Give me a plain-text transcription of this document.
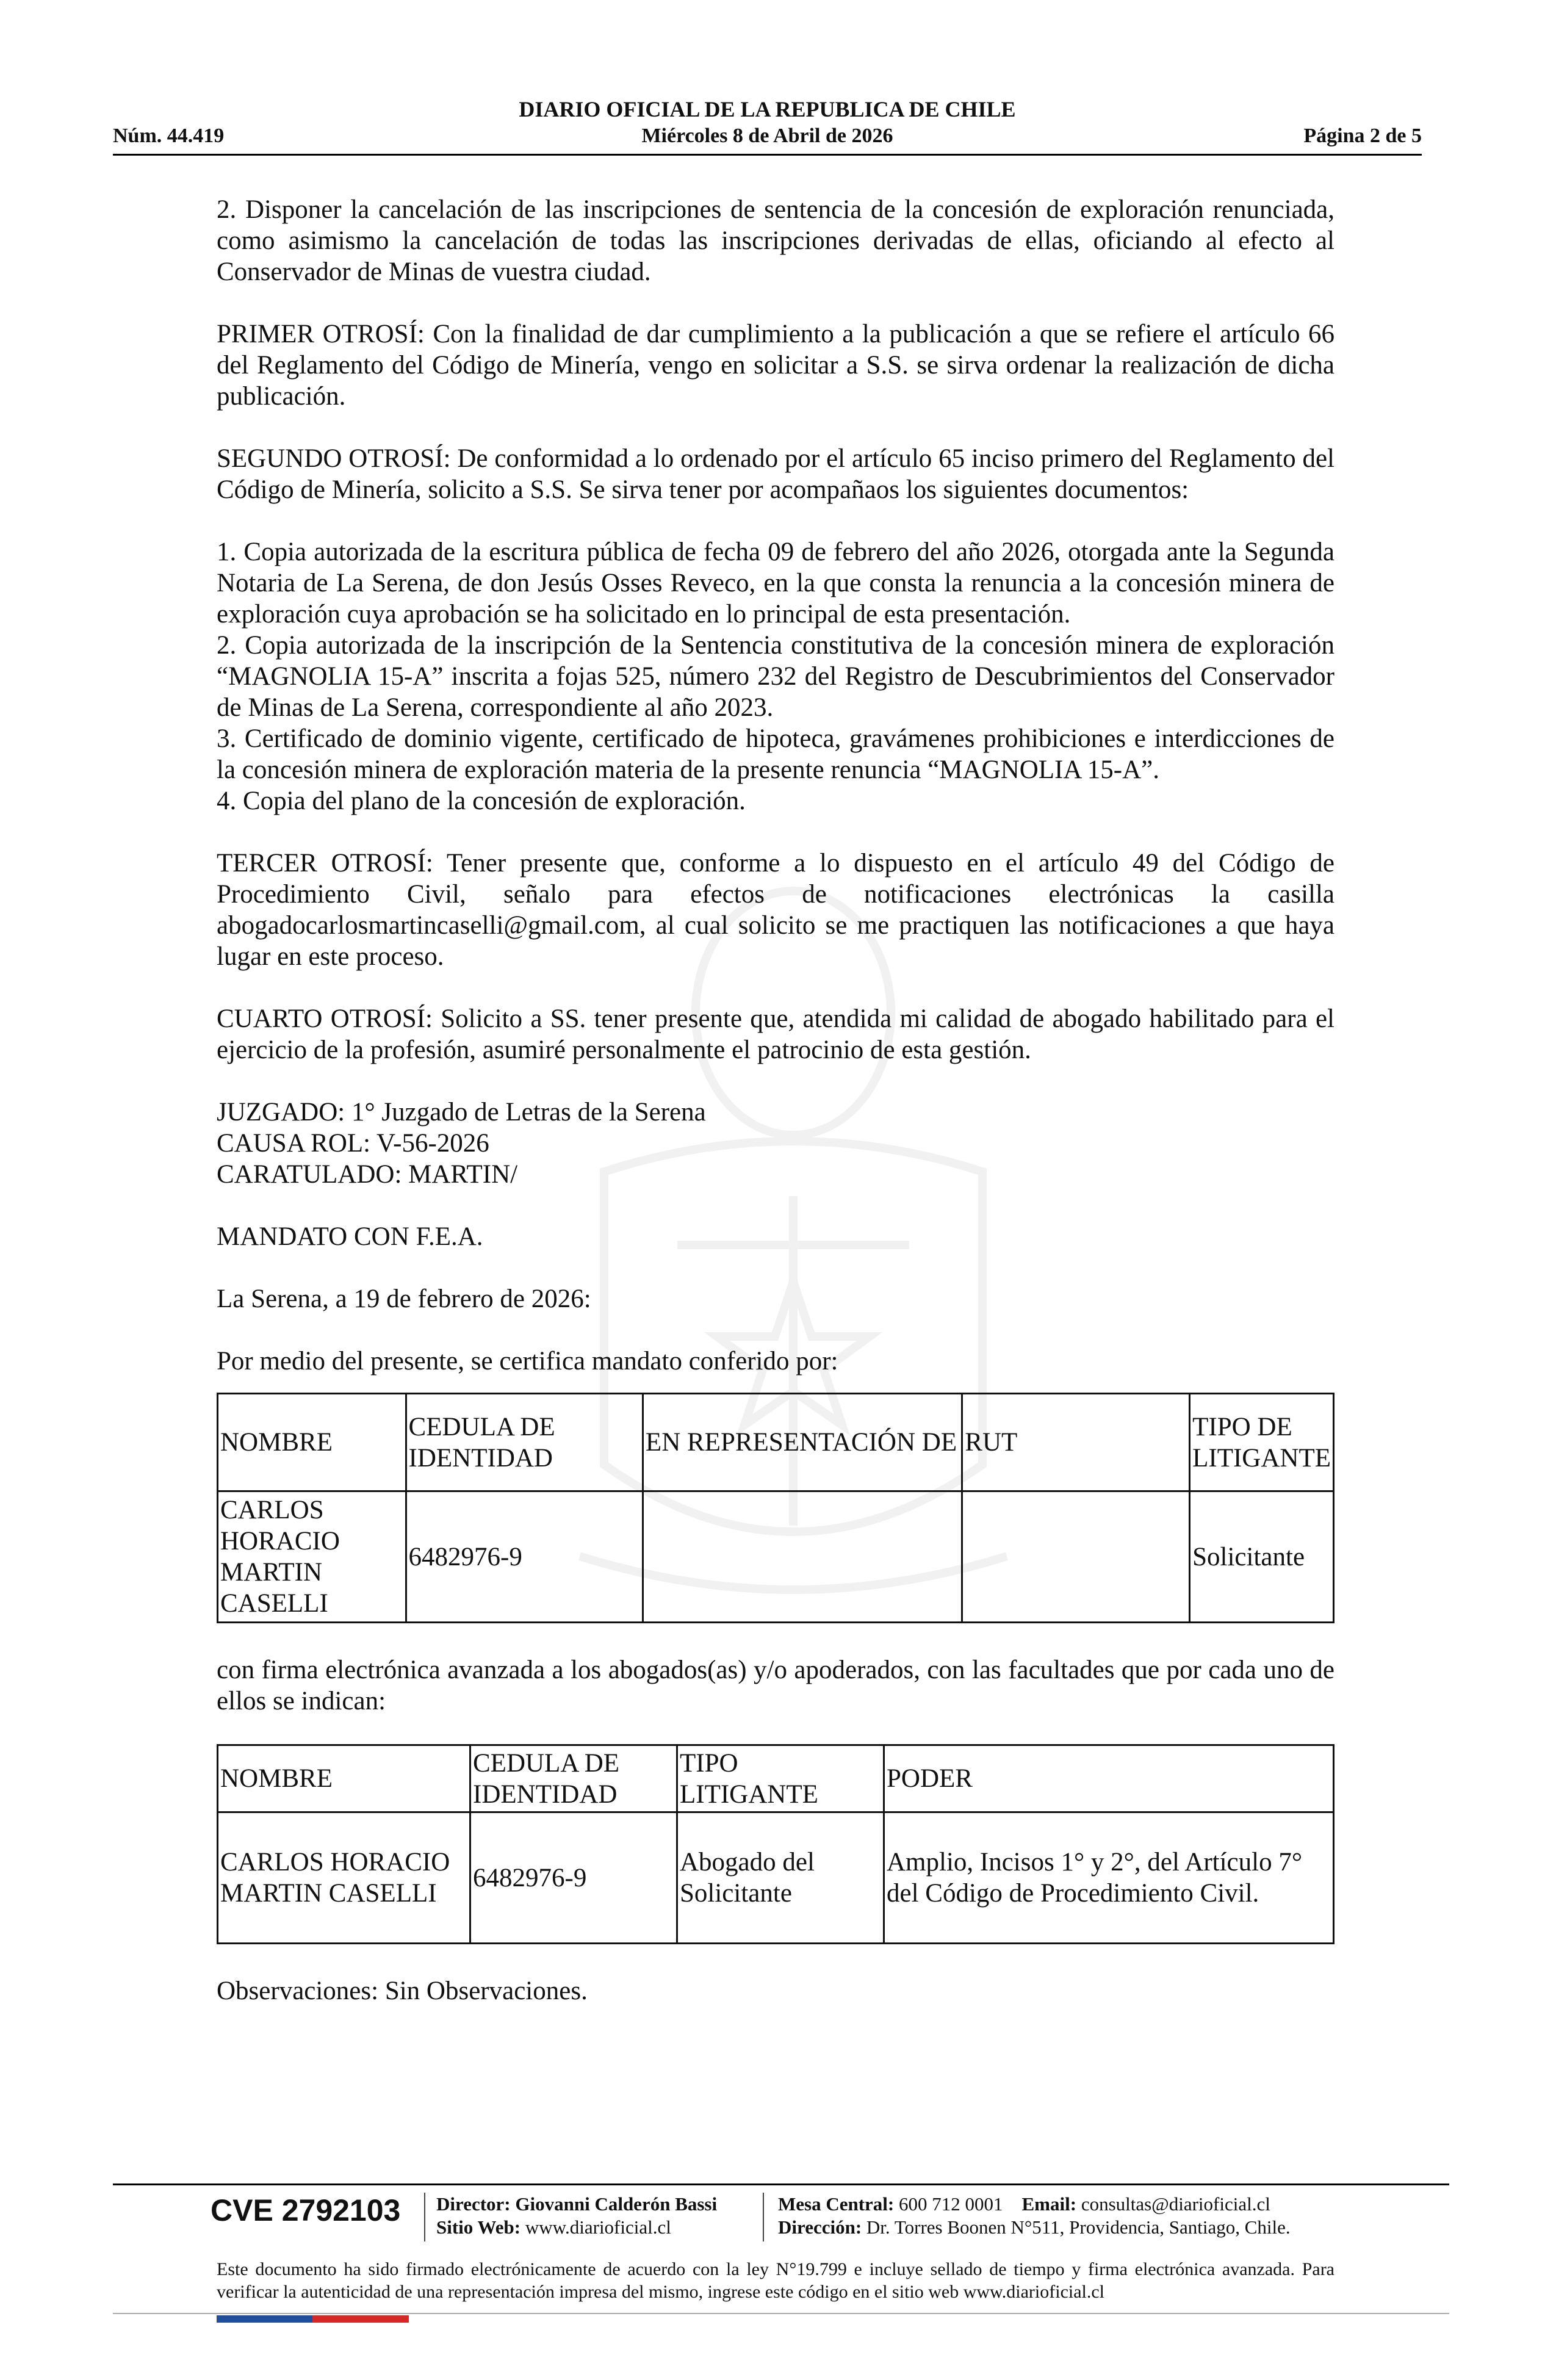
DIARIO OFICIAL DE LA REPUBLICA DE CHILE
Núm. 44.419	Miércoles 8 de Abril de 2026	Página 2 de 5

2. Disponer la cancelación de las inscripciones de sentencia de la concesión de exploración renunciada, como asimismo la cancelación de todas las inscripciones derivadas de ellas, oficiando al efecto al Conservador de Minas de vuestra ciudad.

PRIMER OTROSÍ: Con la finalidad de dar cumplimiento a la publicación a que se refiere el artículo 66 del Reglamento del Código de Minería, vengo en solicitar a S.S. se sirva ordenar la realización de dicha publicación.

SEGUNDO OTROSÍ: De conformidad a lo ordenado por el artículo 65 inciso primero del Reglamento del Código de Minería, solicito a S.S. Se sirva tener por acompañaos los siguientes documentos:

1. Copia autorizada de la escritura pública de fecha 09 de febrero del año 2026, otorgada ante la Segunda Notaria de La Serena, de don Jesús Osses Reveco, en la que consta la renuncia a la concesión minera de exploración cuya aprobación se ha solicitado en lo principal de esta presentación.

2. Copia autorizada de la inscripción de la Sentencia constitutiva de la concesión minera de exploración “MAGNOLIA 15-A” inscrita a fojas 525, número 232 del Registro de Descubrimientos del Conservador de Minas de La Serena, correspondiente al año 2023.

3. Certificado de dominio vigente, certificado de hipoteca, gravámenes prohibiciones e interdicciones de la concesión minera de exploración materia de la presente renuncia “MAGNOLIA 15-A”.

4. Copia del plano de la concesión de exploración.

TERCER OTROSÍ: Tener presente que, conforme a lo dispuesto en el artículo 49 del Código de Procedimiento Civil, señalo para efectos de notificaciones electrónicas la casilla abogadocarlosmartincaselli@gmail.com, al cual solicito se me practiquen las notificaciones a que haya lugar en este proceso.

CUARTO OTROSÍ: Solicito a SS. tener presente que, atendida mi calidad de abogado habilitado para el ejercicio de la profesión, asumiré personalmente el patrocinio de esta gestión.

JUZGADO: 1° Juzgado de Letras de la Serena

CAUSA ROL: V-56-2026

CARATULADO: MARTIN/

MANDATO CON F.E.A.

La Serena, a 19 de febrero de 2026:

Por medio del presente, se certifica mandato conferido por:

NOMBRE	CEDULA DE IDENTIDAD	EN REPRESENTACIÓN DE	RUT	TIPO DE LITIGANTE
CARLOS HORACIO MARTIN CASELLI	6482976-9			Solicitante

con firma electrónica avanzada a los abogados(as) y/o apoderados, con las facultades que por cada uno de ellos se indican:

NOMBRE	CEDULA DE IDENTIDAD	TIPO LITIGANTE	PODER
CARLOS HORACIO MARTIN CASELLI	6482976-9	Abogado del Solicitante	Amplio, Incisos 1° y 2°, del Artículo 7° del Código de Procedimiento Civil.

Observaciones: Sin Observaciones.

CVE 2792103 Director: Giovanni Calderón Bassi
Sitio Web: www.diarioficial.cl
Mesa Central: 600 712 0001 Email: consultas@diarioficial.cl
Dirección: Dr. Torres Boonen N°511, Providencia, Santiago, Chile.
Este documento ha sido firmado electrónicamente de acuerdo con la ley N°19.799 e incluye sellado de tiempo y firma electrónica avanzada. Para verificar la autenticidad de una representación impresa del mismo, ingrese este código en el sitio web www.diarioficial.cl
